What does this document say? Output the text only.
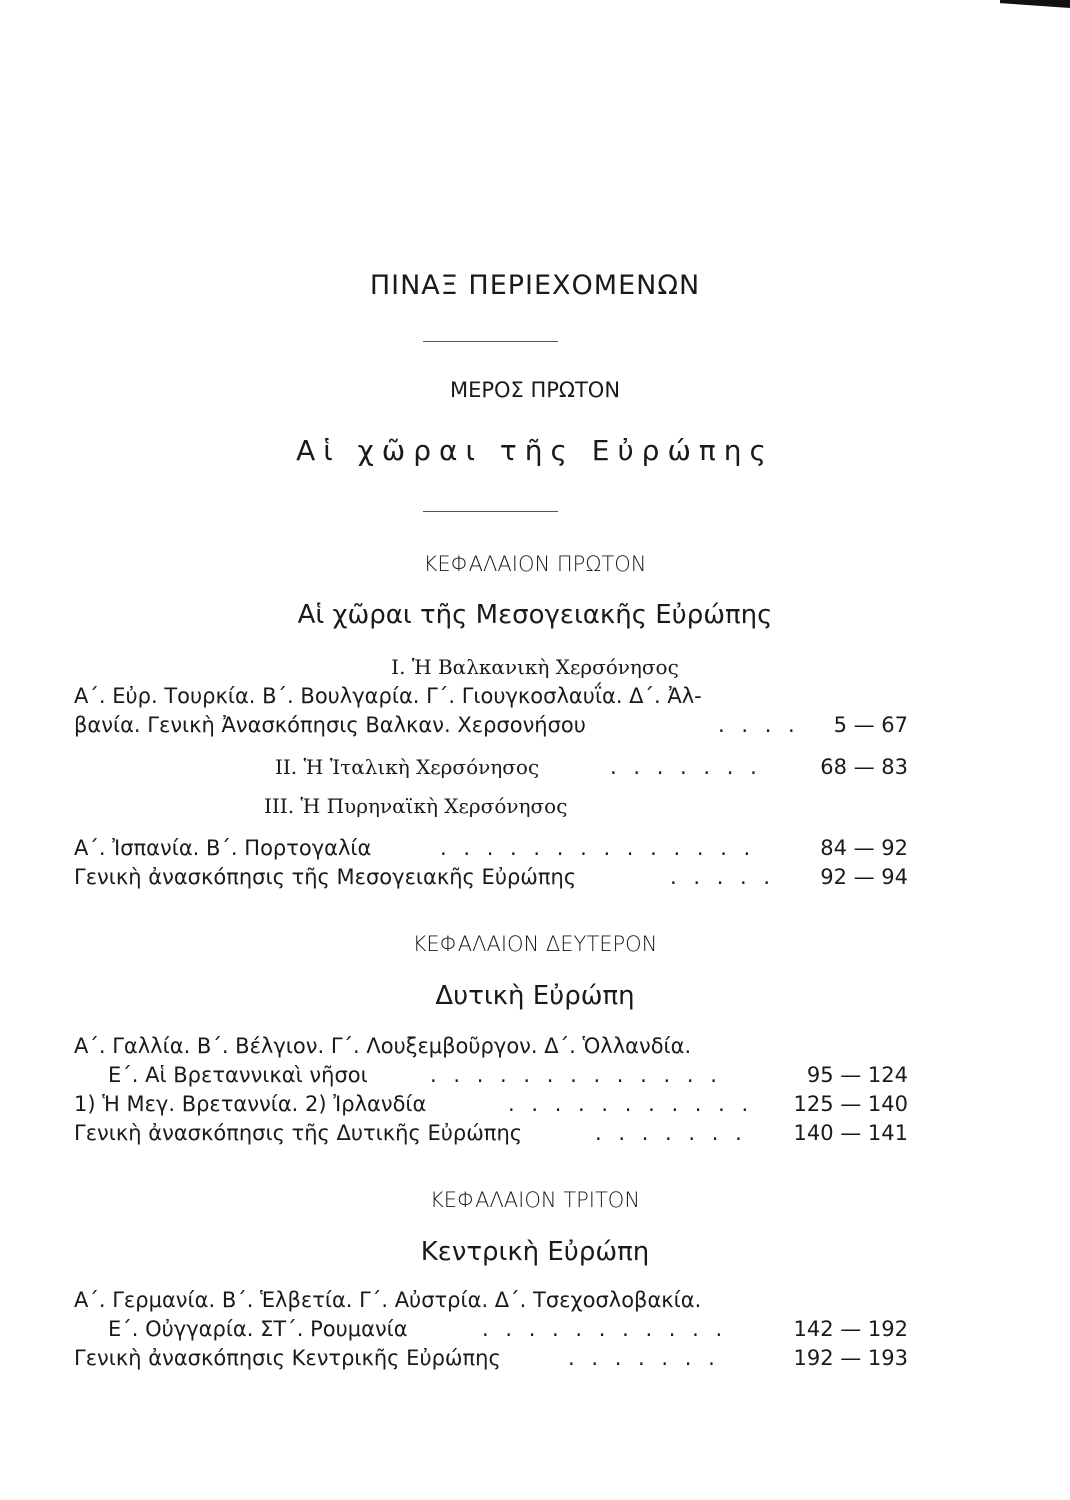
ΠΙΝΑΞ ΠΕΡΙΕΧΟΜΕΝΩΝ
ΜΕΡΟΣ ΠΡΩΤΟΝ
Αἱ χῶραι τῆς Εὐρώπης
ΚΕΦΑΛΑΙΟΝ ΠΡΩΤΟΝ
Αἱ χῶραι τῆς Μεσογειακῆς Εὐρώπης
I. Ἡ Βαλκανικὴ Χερσόνησος
Α΄. Εὐρ. Τουρκία. Β΄. Βουλγαρία. Γ΄. Γιουγκοσλαυΐα. Δ΄. Ἀλ-
βανία. Γενικὴ Ἀνασκόπησις Βαλκαν. Χερσονήσου	. . . . 5 — 67
II. Ἡ Ἰταλικὴ Χερσόνησος	. . . . . . .	68 — 83
III. Ἡ Πυρηναϊκὴ Χερσόνησος
Α΄. Ἰσπανία. Β΄. Πορτογαλία	. . . . . . . . . . . . . .	84 — 92
Γενικὴ ἀνασκόπησις τῆς Μεσογειακῆς Εὐρώπης	. . . . . 92 — 94
ΚΕΦΑΛΑΙΟΝ ΔΕΥΤΕΡΟΝ
Δυτικὴ Εὐρώπη
Α΄. Γαλλία. Β΄. Βέλγιον. Γ΄. Λουξεμβοῦργον. Δ΄. Ὁλλανδία.
Ε΄. Αἱ Βρεταννικαὶ νῆσοι	. . . . . . . . . . . . .	95 — 124
1) Ἡ Μεγ. Βρεταννία. 2) Ἰρλανδία	. . . . . . . . . . . 125 — 140
Γενικὴ ἀνασκόπησις τῆς Δυτικῆς Εὐρώπης	. . . . . . . 140 — 141
ΚΕΦΑΛΑΙΟΝ ΤΡΙΤΟΝ
Κεντρικὴ Εὐρώπη
Α΄. Γερμανία. Β΄. Ἑλβετία. Γ΄. Αὐστρία. Δ΄. Τσεχοσλοβακία.
Ε΄. Οὐγγαρία. ΣΤ΄. Ρουμανία	. . . . . . . . . . .	142 — 192
Γενικὴ ἀνασκόπησις Κεντρικῆς Εὐρώπης	. . . . . . .	192 — 193
